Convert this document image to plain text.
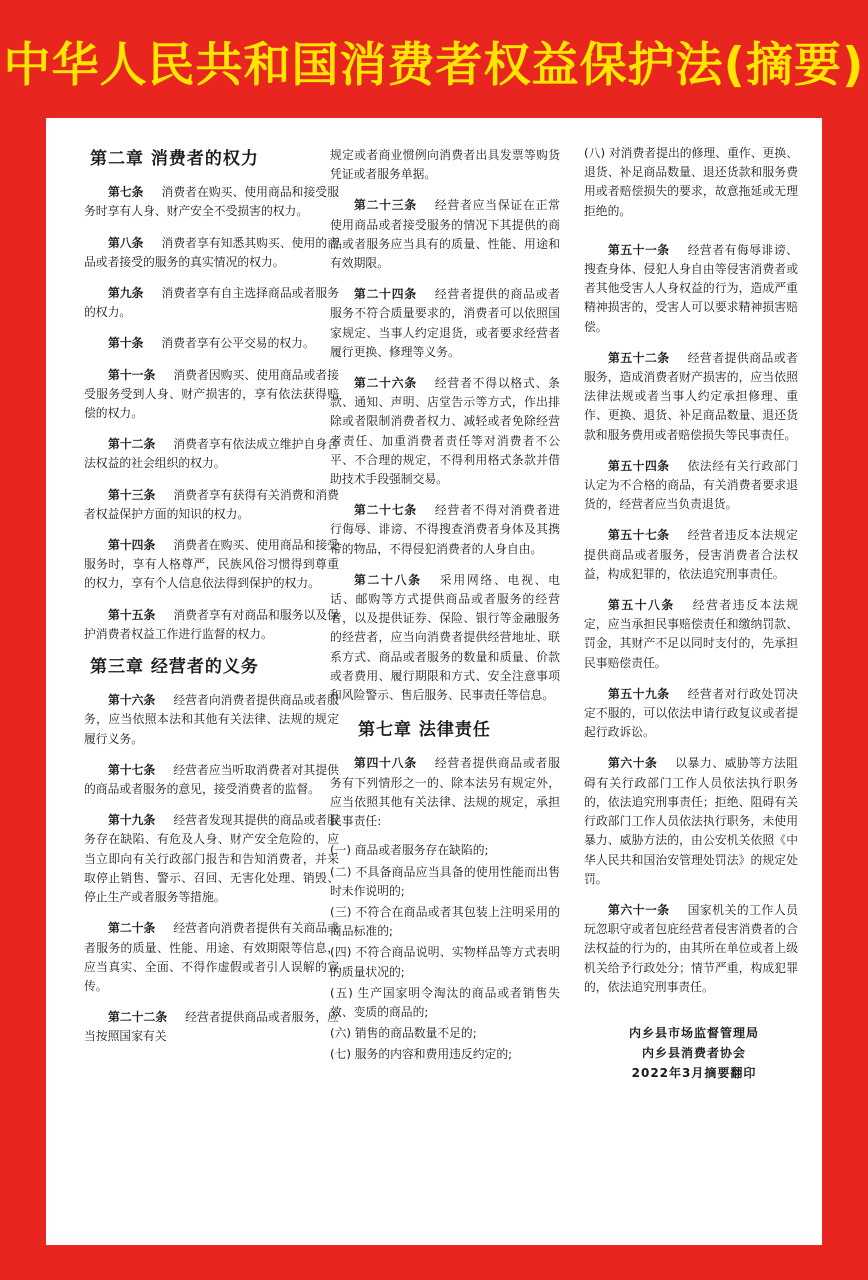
中华人民共和国消费者权益保护法(摘要)
第二章 消费者的权力
第七条 消费者在购买、使用商品和接受服务时享有人身、财产安全不受损害的权力。
第八条 消费者享有知悉其购买、使用的商品或者接受的服务的真实情况的权力。
第九条 消费者享有自主选择商品或者服务的权力。
第十条 消费者享有公平交易的权力。
第十一条 消费者因购买、使用商品或者接受服务受到人身、财产损害的，享有依法获得赔偿的权力。
第十二条 消费者享有依法成立维护自身合法权益的社会组织的权力。
第十三条 消费者享有获得有关消费和消费者权益保护方面的知识的权力。
第十四条 消费者在购买、使用商品和接受服务时，享有人格尊严，民族风俗习惯得到尊重的权力，享有个人信息依法得到保护的权力。
第十五条 消费者享有对商品和服务以及保护消费者权益工作进行监督的权力。
第三章 经营者的义务
第十六条 经营者向消费者提供商品或者服务，应当依照本法和其他有关法律、法规的规定履行义务。
第十七条 经营者应当听取消费者对其提供的商品或者服务的意见，接受消费者的监督。
第十九条 经营者发现其提供的商品或者服务存在缺陷、有危及人身、财产安全危险的，应当立即向有关行政部门报告和告知消费者，并采取停止销售、警示、召回、无害化处理、销毁、停止生产或者服务等措施。
第二十条 经营者向消费者提供有关商品或者服务的质量、性能、用途、有效期限等信息，应当真实、全面、不得作虚假或者引人误解的宣传。
第二十二条 经营者提供商品或者服务，应当按照国家有关
规定或者商业惯例向消费者出具发票等购货凭证或者服务单据。
第二十三条 经营者应当保证在正常使用商品或者接受服务的情况下其提供的商品或者服务应当具有的质量、性能、用途和有效期限。
第二十四条 经营者提供的商品或者服务不符合质量要求的，消费者可以依照国家规定、当事人约定退货，或者要求经营者履行更换、修理等义务。
第二十六条 经营者不得以格式、条款、通知、声明、店堂告示等方式，作出排除或者限制消费者权力、减轻或者免除经营者责任、加重消费者责任等对消费者不公平、不合理的规定，不得利用格式条款并借助技术手段强制交易。
第二十七条 经营者不得对消费者进行侮辱、诽谤、不得搜查消费者身体及其携带的物品，不得侵犯消费者的人身自由。
第二十八条 采用网络、电视、电话、邮购等方式提供商品或者服务的经营者，以及提供证券、保险、银行等金融服务的经营者，应当向消费者提供经营地址、联系方式、商品或者服务的数量和质量、价款或者费用、履行期限和方式、安全注意事项和风险警示、售后服务、民事责任等信息。
第七章 法律责任
第四十八条 经营者提供商品或者服务有下列情形之一的、除本法另有规定外，应当依照其他有关法律、法规的规定，承担民事责任:
(一) 商品或者服务存在缺陷的;
(二) 不具备商品应当具备的使用性能而出售时未作说明的;
(三) 不符合在商品或者其包装上注明采用的商品标准的;
(四) 不符合商品说明、实物样品等方式表明的质量状况的;
(五) 生产国家明令淘汰的商品或者销售失效、变质的商品的;
(六) 销售的商品数量不足的;
(七) 服务的内容和费用违反约定的;
(八) 对消费者提出的修理、重作、更换、退货、补足商品数量、退还货款和服务费用或者赔偿损失的要求，故意拖延或无理拒绝的。
第五十一条 经营者有侮辱诽谤、搜查身体、侵犯人身自由等侵害消费者或者其他受害人人身权益的行为，造成严重精神损害的，受害人可以要求精神损害赔偿。
第五十二条 经营者提供商品或者服务，造成消费者财产损害的，应当依照法律法规或者当事人约定承担修理、重作、更换、退货、补足商品数量、退还货款和服务费用或者赔偿损失等民事责任。
第五十四条 依法经有关行政部门认定为不合格的商品，有关消费者要求退货的，经营者应当负责退货。
第五十七条 经营者违反本法规定提供商品或者服务，侵害消费者合法权益，构成犯罪的，依法追究刑事责任。
第五十八条 经营者违反本法规定，应当承担民事赔偿责任和缴纳罚款、罚金，其财产不足以同时支付的，先承担民事赔偿责任。
第五十九条 经营者对行政处罚决定不服的，可以依法申请行政复议或者提起行政诉讼。
第六十条 以暴力、威胁等方法阻碍有关行政部门工作人员依法执行职务的，依法追究刑事责任；拒绝、阻碍有关行政部门工作人员依法执行职务，未使用暴力、威胁方法的，由公安机关依照《中华人民共和国治安管理处罚法》的规定处罚。
第六十一条 国家机关的工作人员玩忽职守或者包庇经营者侵害消费者的合法权益的行为的，由其所在单位或者上级机关给予行政处分；情节严重，构成犯罪的，依法追究刑事责任。
内乡县市场监督管理局
内乡县消费者协会
2022年3月摘要翻印
